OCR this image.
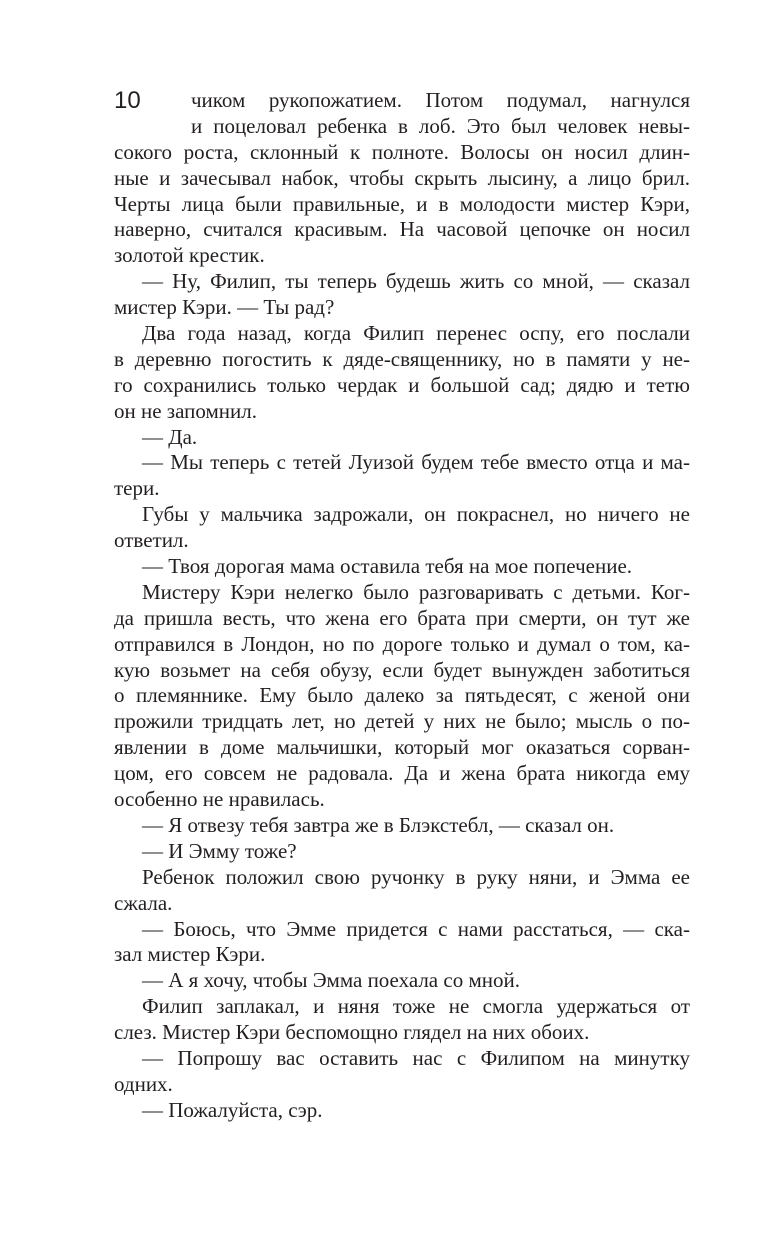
10	чиком рукопожатием. Потом подумал, нагнулся
и поцеловал ребенка в лоб. Это был человек невы-
сокого роста, склонный к полноте. Волосы он носил длин-
ные и зачесывал набок, чтобы скрыть лысину, а лицо брил.
Черты лица были правильные, и в молодости мистер Кэри,
наверно, считался красивым. На часовой цепочке он носил
золотой крестик.
— Ну, Филип, ты теперь будешь жить со мной, — сказал
мистер Кэри. — Ты рад?
Два года назад, когда Филип перенес оспу, его послали
в деревню погостить к дяде-священнику, но в памяти у не-
го сохранились только чердак и большой сад; дядю и тетю
он не запомнил.
— Да.
— Мы теперь с тетей Луизой будем тебе вместо отца и ма-
тери.
Губы у мальчика задрожали, он покраснел, но ничего не
ответил.
— Твоя дорогая мама оставила тебя на мое попечение.
Мистеру Кэри нелегко было разговаривать с детьми. Ког-
да пришла весть, что жена его брата при смерти, он тут же
отправился в Лондон, но по дороге только и думал о том, ка-
кую возьмет на себя обузу, если будет вынужден заботиться
о племяннике. Ему было далеко за пятьдесят, с женой они
прожили тридцать лет, но детей у них не было; мысль о по-
явлении в доме мальчишки, который мог оказаться сорван-
цом, его совсем не радовала. Да и жена брата никогда ему
особенно не нравилась.
— Я отвезу тебя завтра же в Блэкстебл, — сказал он.
— И Эмму тоже?
Ребенок положил свою ручонку в руку няни, и Эмма ее
сжала.
— Боюсь, что Эмме придется с нами расстаться, — ска-
зал мистер Кэри.
— А я хочу, чтобы Эмма поехала со мной.
Филип заплакал, и няня тоже не смогла удержаться от
слез. Мистер Кэри беспомощно глядел на них обоих.
— Попрошу вас оставить нас с Филипом на минутку
одних.
— Пожалуйста, сэр.
